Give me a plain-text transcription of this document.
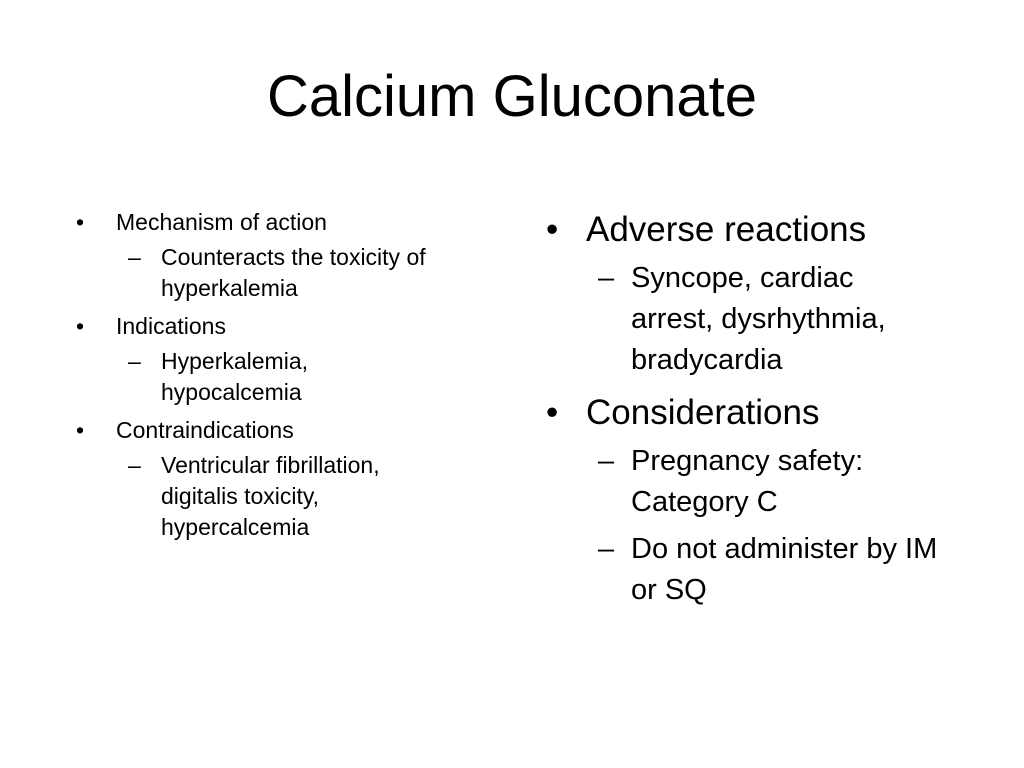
Calcium Gluconate
• Mechanism of action
– Counteracts the toxicity of hyperkalemia
• Indications
– Hyperkalemia, hypocalcemia
• Contraindications
– Ventricular fibrillation, digitalis toxicity, hypercalcemia
• Adverse reactions
– Syncope, cardiac arrest, dysrhythmia, bradycardia
• Considerations
– Pregnancy safety: Category C
– Do not administer by IM or SQ
